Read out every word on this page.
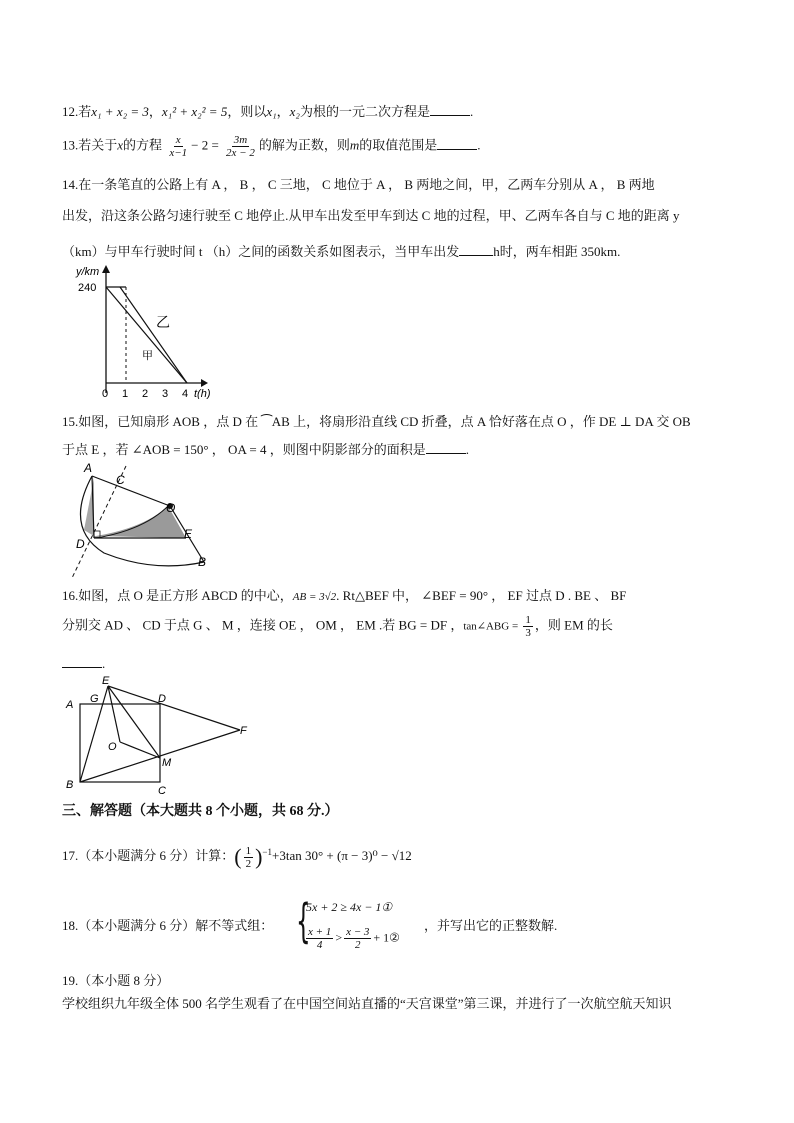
12.若x₁ + x₂ = 3，x₁² + x₂² = 5，则以x₁，x₂为根的一元二次方程是	.
13.若关于x的方程 $\frac{x}{x-1} - 2 = \frac{3m}{2x - 2}$ 的解为正数，则m的取值范围是	.
14.在一条笔直的公路上有 A ， B ， C 三地， C 地位于 A ， B 两地之间，甲，乙两车分别从 A ， B 两地
出发，沿这条公路匀速行驶至 C 地停止.从甲车出发至甲车到达 C 地的过程，甲、乙两车各自与 C 地的距离 y
（km）与甲车行驶时间 t （h）之间的函数关系如图表示，当甲车出发	h时，两车相距 350km.
y/km
240
0 1 2 3 4 t(h)
乙
甲
15.如图，已知扇形 AOB ，点 D 在 ⁀AB 上，将扇形沿直线 CD 折叠，点 A 恰好落在点 O ，作 DE ⊥ DA 交 OB
于点 E ，若 ∠AOB = 150° ， OA = 4 ，则图中阴影部分的面积是	.
A
C
O
D
E
B
16.如图，点 O 是正方形 ABCD 的中心，AB = 3√2. Rt△BEF 中， ∠BEF = 90° ， EF 过点 D . BE 、 BF
分别交 AD 、 CD 于点 G 、 M ，连接 OE ， OM ， EM .若 BG = DF ，tan∠ABG = $\frac{1}{3}$ ，则 EM 的长
.
A G
E
D
F
O
M
B	C
三、解答题（本大题共 8 个小题，共 68 分.）
17.（本小题满分 6 分）计算：( $\frac{1}{2} )^{-1}+3\tan$ 30° + (π − 3)⁰ − √12
18.（本小题满分 6 分）解不等式组： {
5x + 2 ≥ 4x − 1①
$\frac{x + 1}{4} > \frac{x - 3}{2}$ + 1②
，并写出它的正整数解.
19.（本小题 8 分）
学校组织九年级全体 500 名学生观看了在中国空间站直播的“天宫课堂”第三课，并进行了一次航空航天知识
